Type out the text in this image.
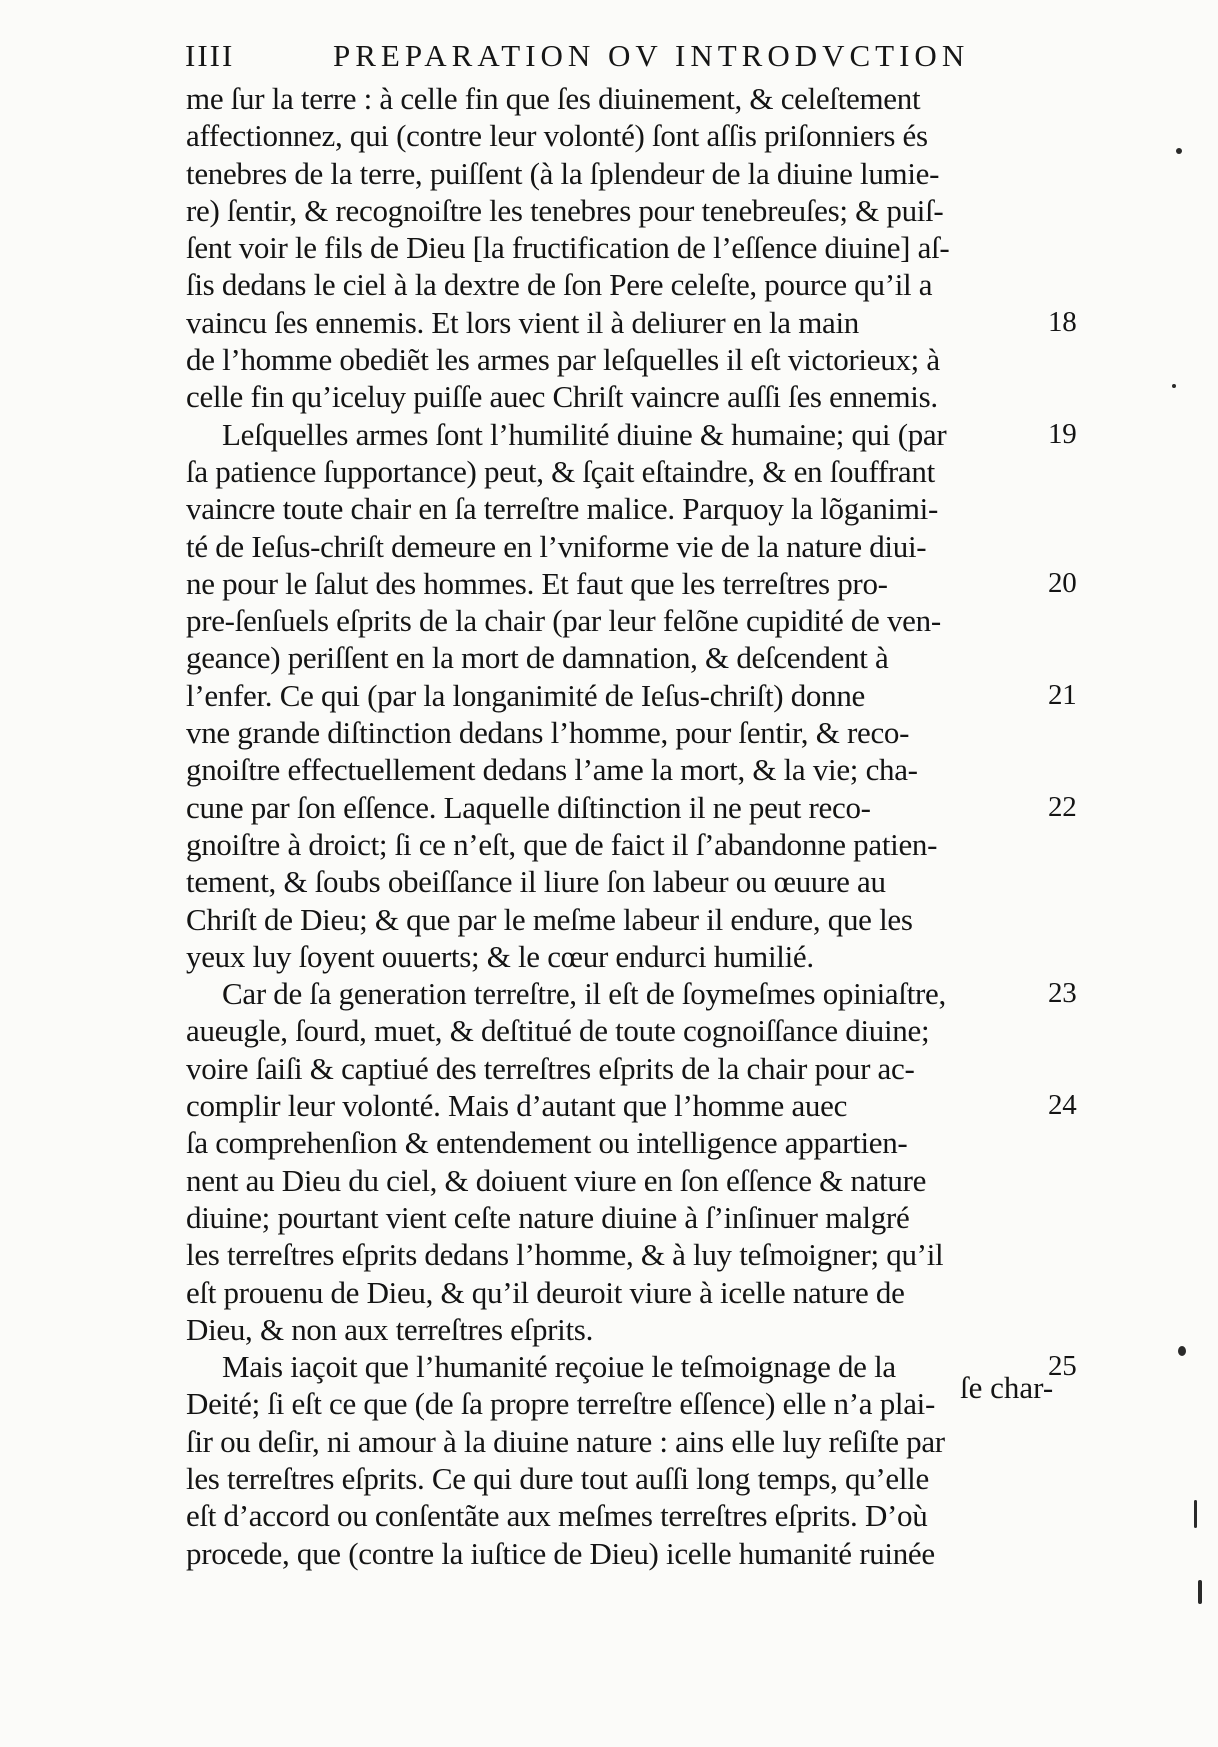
IIII	PREPARATION OV INTRODVCTION
me ſur la terre : à celle fin que ſes diuinement, & celeſtement
affectionnez, qui (contre leur volonté) ſont aſſis priſonniers és
tenebres de la terre, puiſſent (à la ſplendeur de la diuine lumie-
re) ſentir, & recognoiſtre les tenebres pour tenebreuſes; & puiſ-
ſent voir le fils de Dieu [la fructification de l’eſſence diuine] aſ-
ſis dedans le ciel à la dextre de ſon Pere celeſte, pource qu’il a
vaincu ſes ennemis. Et lors vient il à deliurer en la main	18
de l’homme obediẽt les armes par leſquelles il eſt victorieux; à
celle fin qu’iceluy puiſſe auec Chriſt vaincre auſſi ſes ennemis.
Leſquelles armes ſont l’humilité diuine & humaine; qui (par	19
ſa patience ſupportance) peut, & ſçait eſtaindre, & en ſouffrant
vaincre toute chair en ſa terreſtre malice. Parquoy la lõganimi-
té de Ieſus-chriſt demeure en l’vniforme vie de la nature diui-
ne pour le ſalut des hommes. Et faut que les terreſtres pro-	20
pre-ſenſuels eſprits de la chair (par leur felõne cupidité de ven-
geance) periſſent en la mort de damnation, & deſcendent à
l’enfer. Ce qui (par la longanimité de Ieſus-chriſt) donne	21
vne grande diſtinction dedans l’homme, pour ſentir, & reco-
gnoiſtre effectuellement dedans l’ame la mort, & la vie; cha-
cune par ſon eſſence. Laquelle diſtinction il ne peut reco-	22
gnoiſtre à droict; ſi ce n’eſt, que de faict il ſ’abandonne patien-
tement, & ſoubs obeiſſance il liure ſon labeur ou œuure au
Chriſt de Dieu; & que par le meſme labeur il endure, que les
yeux luy ſoyent ouuerts; & le cœur endurci humilié.
Car de ſa generation terreſtre, il eſt de ſoymeſmes opiniaſtre,	23
aueugle, ſourd, muet, & deſtitué de toute cognoiſſance diuine;
voire ſaiſi & captiué des terreſtres eſprits de la chair pour ac-
complir leur volonté. Mais d’autant que l’homme auec	24
ſa comprehenſion & entendement ou intelligence appartien-
nent au Dieu du ciel, & doiuent viure en ſon eſſence & nature
diuine; pourtant vient ceſte nature diuine à ſ’inſinuer malgré
les terreſtres eſprits dedans l’homme, & à luy teſmoigner; qu’il
eſt prouenu de Dieu, & qu’il deuroit viure à icelle nature de
Dieu, & non aux terreſtres eſprits.
Mais iaçoit que l’humanité reçoiue le teſmoignage de la	25
Deité; ſi eſt ce que (de ſa propre terreſtre eſſence) elle n’a plai-
ſir ou deſir, ni amour à la diuine nature : ains elle luy reſiſte par
les terreſtres eſprits. Ce qui dure tout auſſi long temps, qu’elle
eſt d’accord ou conſentãte aux meſmes terreſtres eſprits. D’où
procede, que (contre la iuſtice de Dieu) icelle humanité ruinée
ſe char-
